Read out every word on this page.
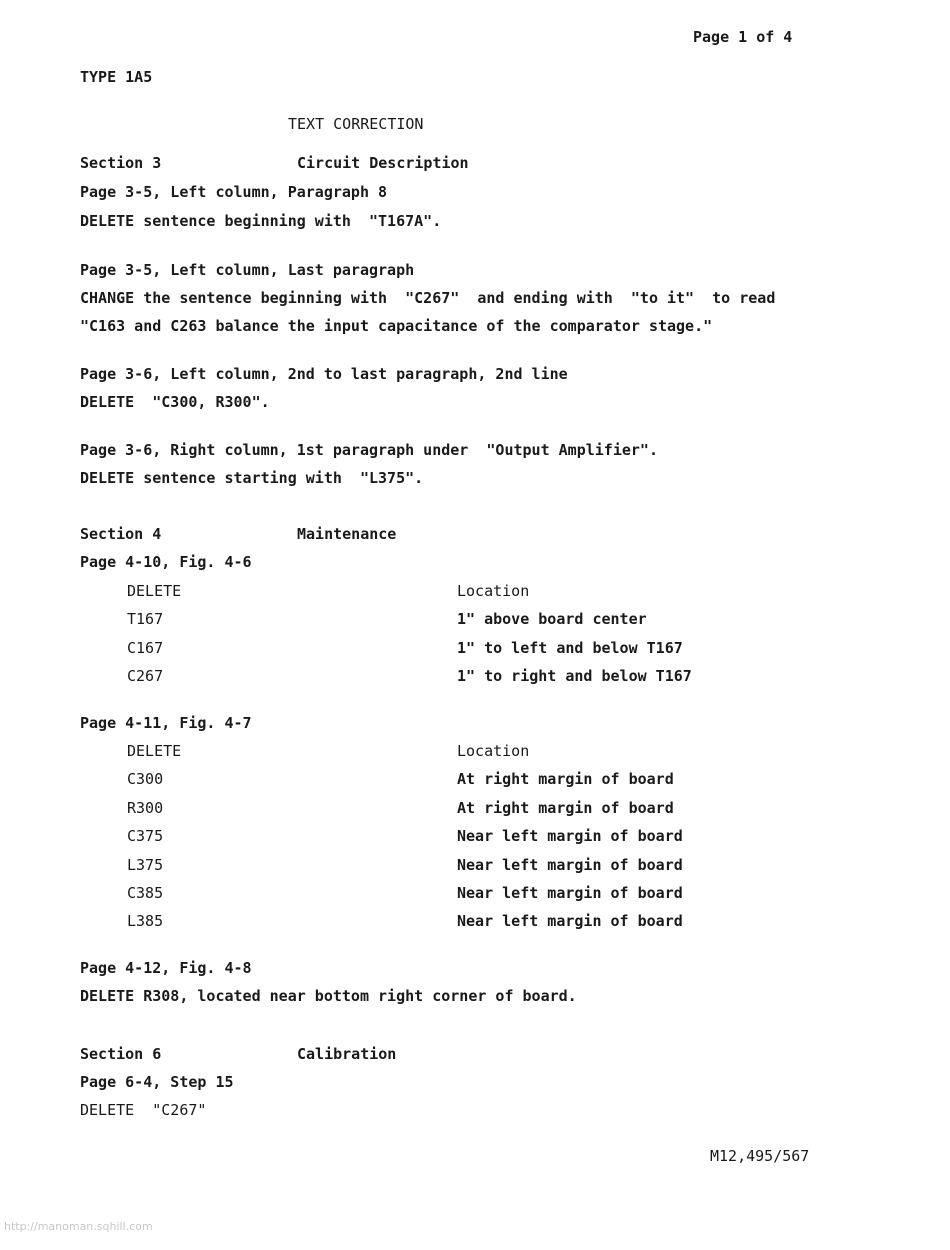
Page 1 of 4
TYPE 1A5
TEXT CORRECTION
Section 3	Circuit Description
Page 3-5, Left column, Paragraph 8
DELETE sentence beginning with  "T167A".
Page 3-5, Left column, Last paragraph
CHANGE the sentence beginning with  "C267"  and ending with  "to it"  to read
"C163 and C263 balance the input capacitance of the comparator stage."
Page 3-6, Left column, 2nd to last paragraph, 2nd line
DELETE  "C300, R300".
Page 3-6, Right column, 1st paragraph under  "Output Amplifier".
DELETE sentence starting with  "L375".
Section 4	Maintenance
Page 4-10, Fig. 4-6
DELETE	Location
T167	1" above board center
C167	1" to left and below T167
C267	1" to right and below T167
Page 4-11, Fig. 4-7
DELETE	Location
C300	At right margin of board
R300	At right margin of board
C375	Near left margin of board
L375	Near left margin of board
C385	Near left margin of board
L385	Near left margin of board
Page 4-12, Fig. 4-8
DELETE R308, located near bottom right corner of board.
Section 6	Calibration
Page 6-4, Step 15
DELETE  "C267"
M12,495/567
http://manoman.sqhill.com
